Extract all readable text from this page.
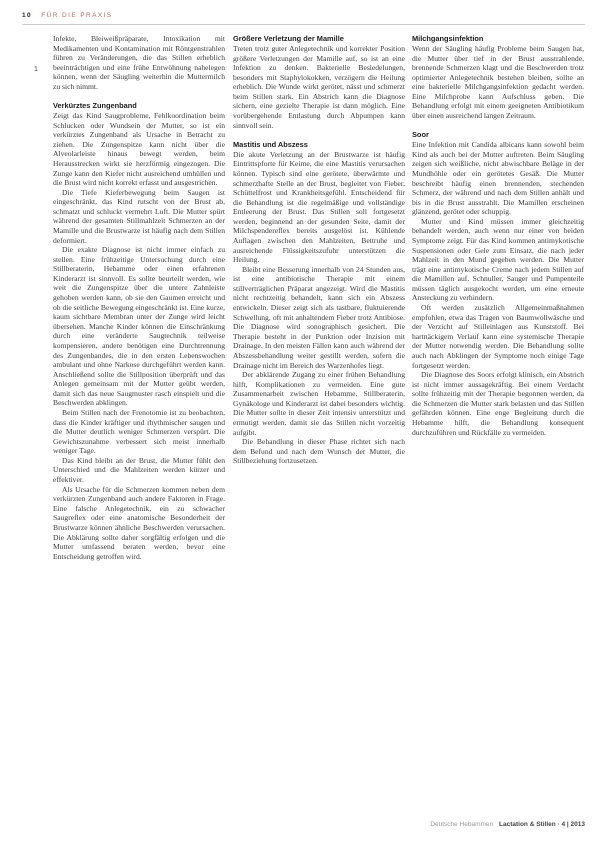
10 FÜR DIE PRAXIS
1

Infekte, Bleiweißpräparate, Intoxikation mit Medikamenten und Kontamination mit Röntgenstrahlen führen zu Veränderungen, die das Stillen erheblich beeinträchtigen und eine frühe Entwöhnung nahelegen können, wenn der Säugling weiterhin die Muttermilch zu sich nimmt.

Verkürztes Zungenband

Zeigt das Kind Saugprobleme, Fehlkoordination beim Schlucken oder Wundsein der Mutter, so ist ein verkürztes Zungenband als Ursache in Betracht zu ziehen. Die Zungenspitze kann nicht über die Alveolarleiste hinaus bewegt werden, beim Herausstrecken wirkt sie herzförmig eingezogen. Die Zunge kann den Kiefer nicht ausreichend umhüllen und die Brust wird nicht korrekt erfasst und ausgestrichen.

Die Tiefe Kieferbewegung beim Saugen ist eingeschränkt, das Kind rutscht von der Brust ab, schmatzt und schluckt vermehrt Luft. Die Mutter spürt während der gesamten Stillmahlzeit Schmerzen an der Mamille und die Brustwarze ist häufig nach dem Stillen deformiert.

Die exakte Diagnose ist nicht immer einfach zu stellen. Eine frühzeitige Untersuchung durch eine Stillberaterin, Hebamme oder einen erfahrenen Kinderarzt ist sinnvoll. Es sollte beurteilt werden, wie weit die Zungenspitze über die untere Zahnleiste gehoben werden kann, ob sie den Gaumen erreicht und ob die seitliche Bewegung eingeschränkt ist. Eine kurze, kaum sichtbare Membran unter der Zunge wird leicht übersehen. Manche Kinder können die Einschränkung durch eine veränderte Saugtechnik teilweise kompensieren, andere benötigen eine Durchtrennung des Zungenbandes, die in den ersten Lebenswochen ambulant und ohne Narkose durchgeführt werden kann. Anschließend sollte die Stillposition überprüft und das Anlegen gemeinsam mit der Mutter geübt werden, damit sich das neue Saugmuster rasch einspielt und die Beschwerden abklingen.

Beim Stillen nach der Frenotomie ist zu beobachten, dass die Kinder kräftiger und rhythmischer saugen und die Mutter deutlich weniger Schmerzen verspürt. Die Gewichtszunahme verbessert sich meist innerhalb weniger Tage.

Das Kind bleibt an der Brust, die Mutter fühlt den Unterschied und die Mahlzeiten werden kürzer und effektiver.

Als Ursache für die Schmerzen kommen neben dem verkürzten Zungenband auch andere Faktoren in Frage. Eine falsche Anlegetechnik, ein zu schwacher Saugreflex oder eine anatomische Besonderheit der Brustwarze können ähnliche Beschwerden verursachen. Die Abklärung sollte daher sorgfältig erfolgen und die Mutter umfassend beraten werden, bevor eine Entscheidung getroffen wird.

Größere Verletzung der Mamille

Treten trotz guter Anlegetechnik und korrekter Position größere Verletzungen der Mamille auf, so ist an eine Infektion zu denken. Bakterielle Besiedelungen, besonders mit Staphylokokken, verzögern die Heilung erheblich. Die Wunde wirkt gerötet, nässt und schmerzt beim Stillen stark. Ein Abstrich kann die Diagnose sichern, eine gezielte Therapie ist dann möglich. Eine vorübergehende Entlastung durch Abpumpen kann sinnvoll sein.

Mastitis und Abszess

Die akute Verletzung an der Brustwarze ist häufig Eintrittspforte für Keime, die eine Mastitis verursachen können. Typisch sind eine gerötete, überwärmte und schmerzhafte Stelle an der Brust, begleitet von Fieber, Schüttelfrost und Krankheitsgefühl. Entscheidend für die Behandlung ist die regelmäßige und vollständige Entleerung der Brust. Das Stillen soll fortgesetzt werden, beginnend an der gesunden Seite, damit der Milchspendereflex bereits ausgelöst ist. Kühlende Auflagen zwischen den Mahlzeiten, Bettruhe und ausreichende Flüssigkeitszufuhr unterstützen die Heilung.

Bleibt eine Besserung innerhalb von 24 Stunden aus, ist eine antibiotische Therapie mit einem stillverträglichen Präparat angezeigt. Wird die Mastitis nicht rechtzeitig behandelt, kann sich ein Abszess entwickeln. Dieser zeigt sich als tastbare, fluktuierende Schwellung, oft mit anhaltendem Fieber trotz Antibiose. Die Diagnose wird sonographisch gesichert. Die Therapie besteht in der Punktion oder Inzision mit Drainage. In den meisten Fällen kann auch während der Abszessbehandlung weiter gestillt werden, sofern die Drainage nicht im Bereich des Warzenhofes liegt.

Der abklärende Zugang zu einer frühen Behandlung hilft, Komplikationen zu vermeiden. Eine gute Zusammenarbeit zwischen Hebamme, Stillberaterin, Gynäkologe und Kinderarzt ist dabei besonders wichtig. Die Mutter sollte in dieser Zeit intensiv unterstützt und ermutigt werden, damit sie das Stillen nicht vorzeitig aufgibt.

Die Behandlung in dieser Phase richtet sich nach dem Befund und nach dem Wunsch der Mutter, die Stillbeziehung fortzusetzen.

Milchgangsinfektion

Wenn der Säugling häufig Probleme beim Saugen hat, die Mutter über tief in der Brust ausstrahlende, brennende Schmerzen klagt und die Beschwerden trotz optimierter Anlegetechnik bestehen bleiben, sollte an eine bakterielle Milchgangsinfektion gedacht werden. Eine Milchprobe kann Aufschluss geben. Die Behandlung erfolgt mit einem geeigneten Antibiotikum über einen ausreichend langen Zeitraum.

Soor

Eine Infektion mit Candida albicans kann sowohl beim Kind als auch bei der Mutter auftreten. Beim Säugling zeigen sich weißliche, nicht abwischbare Beläge in der Mundhöhle oder ein gerötetes Gesäß. Die Mutter beschreibt häufig einen brennenden, stechenden Schmerz, der während und nach dem Stillen anhält und bis in die Brust ausstrahlt. Die Mamillen erscheinen glänzend, gerötet oder schuppig.

Mutter und Kind müssen immer gleichzeitig behandelt werden, auch wenn nur einer von beiden Symptome zeigt. Für das Kind kommen antimykotische Suspensionen oder Gele zum Einsatz, die nach jeder Mahlzeit in den Mund gegeben werden. Die Mutter trägt eine antimykotische Creme nach jedem Stillen auf die Mamillen auf. Schnuller, Sauger und Pumpenteile müssen täglich ausgekocht werden, um eine erneute Ansteckung zu verhindern.

Oft werden zusätzlich Allgemeinmaßnahmen empfohlen, etwa das Tragen von Baumwollwäsche und der Verzicht auf Stilleinlagen aus Kunststoff. Bei hartnäckigem Verlauf kann eine systemische Therapie der Mutter notwendig werden. Die Behandlung sollte auch nach Abklingen der Symptome noch einige Tage fortgesetzt werden.

Die Diagnose des Soors erfolgt klinisch, ein Abstrich ist nicht immer aussagekräftig. Bei einem Verdacht sollte frühzeitig mit der Therapie begonnen werden, da die Schmerzen die Mutter stark belasten und das Stillen gefährden können. Eine enge Begleitung durch die Hebamme hilft, die Behandlung konsequent durchzuführen und Rückfälle zu vermeiden.

Deutsche Hebammen Lactation & Stillen · 4 | 2013
